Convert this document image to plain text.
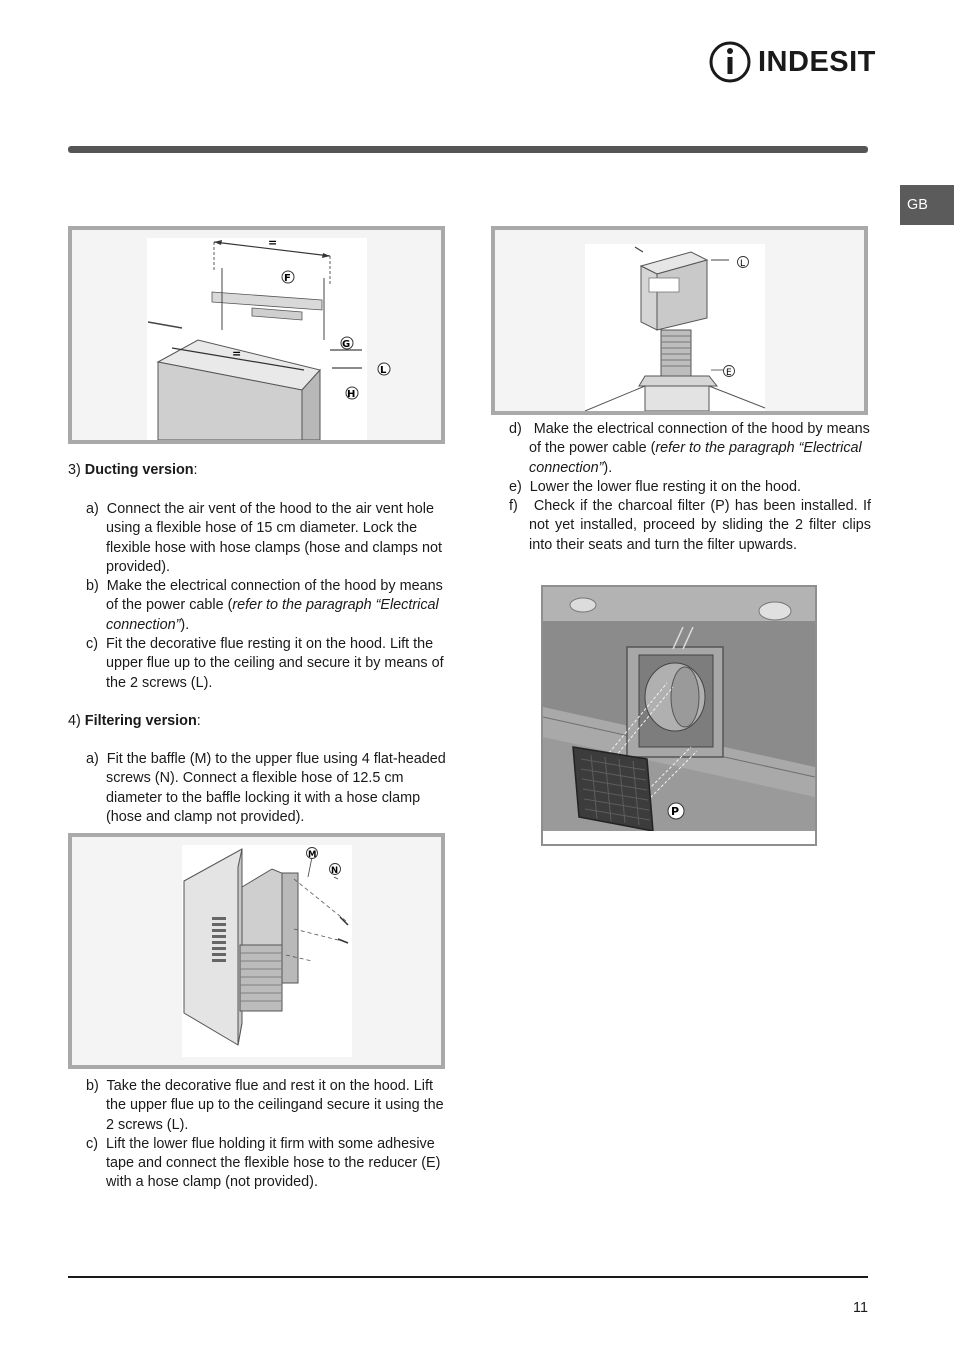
INDESIT
GB
=
F
=
G
L
H
L
E

3) Ducting version:

a) Connect the air vent of the hood to the air vent hole using a flexible hose of 15 cm diameter. Lock the flexible hose with hose clamps (hose and clamps not provided).

b) Make the electrical connection of the hood by means of the power cable (refer to the paragraph “Electrical connection”).

c) Fit the decorative flue resting it on the hood. Lift the upper flue up to the ceiling and secure it by means of the 2 screws (L).

4) Filtering version:

a) Fit the baffle (M) to the upper flue using 4 flat-headed screws (N). Connect a flexible hose of 12.5 cm diameter to the baffle locking it with a hose clamp (hose and clamp not provided).

M
N

b) Take the decorative flue and rest it on the hood. Lift the upper flue up to the ceilingand secure it using the 2 screws (L).

c) Lift the lower flue holding it firm with some adhesive tape and connect the flexible hose to the reducer (E) with a hose clamp (not provided).

d) Make the electrical connection of the hood by means of the power cable (refer to the paragraph “Electrical connection”).

e) Lower the lower flue resting it on the hood.

f) Check if the charcoal filter (P) has been installed. If not yet installed, proceed by sliding the 2 filter clips into their seats and turn the filter upwards.

P
11
